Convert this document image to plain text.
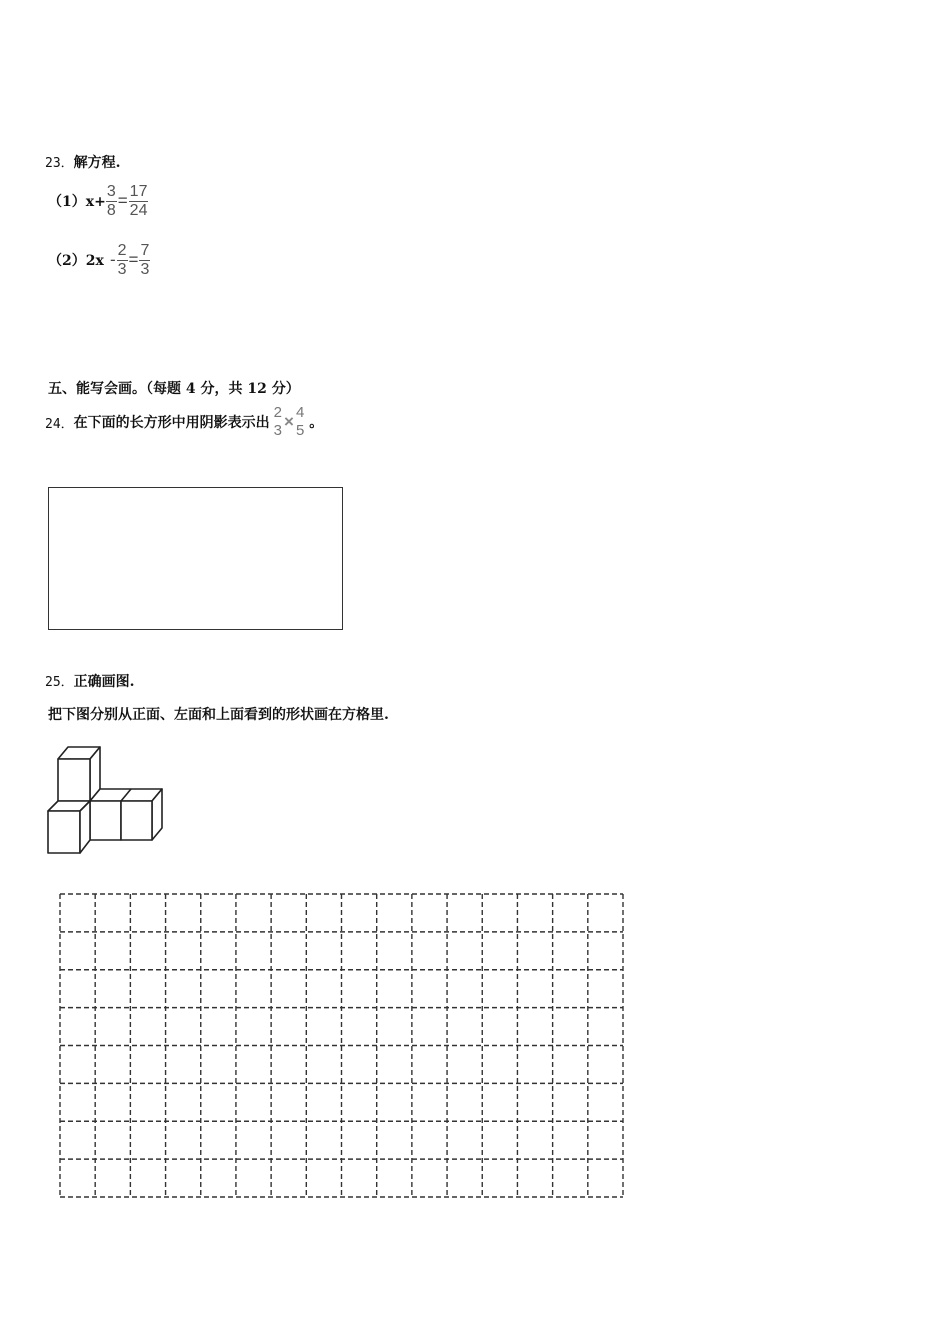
23．解方程.
$(1)x+ \frac{3}{8} = \frac{17}{24}$
$(2)2x - \frac{2}{3} = \frac{7}{3}$
五、能写会画。（每题 4 分，共 12 分）
24． 在下面的长方形中用阴影表示出
2
3 × 4
5 。
25．正确画图.
把下图分别从正面、左面和上面看到的形状画在方格里.
